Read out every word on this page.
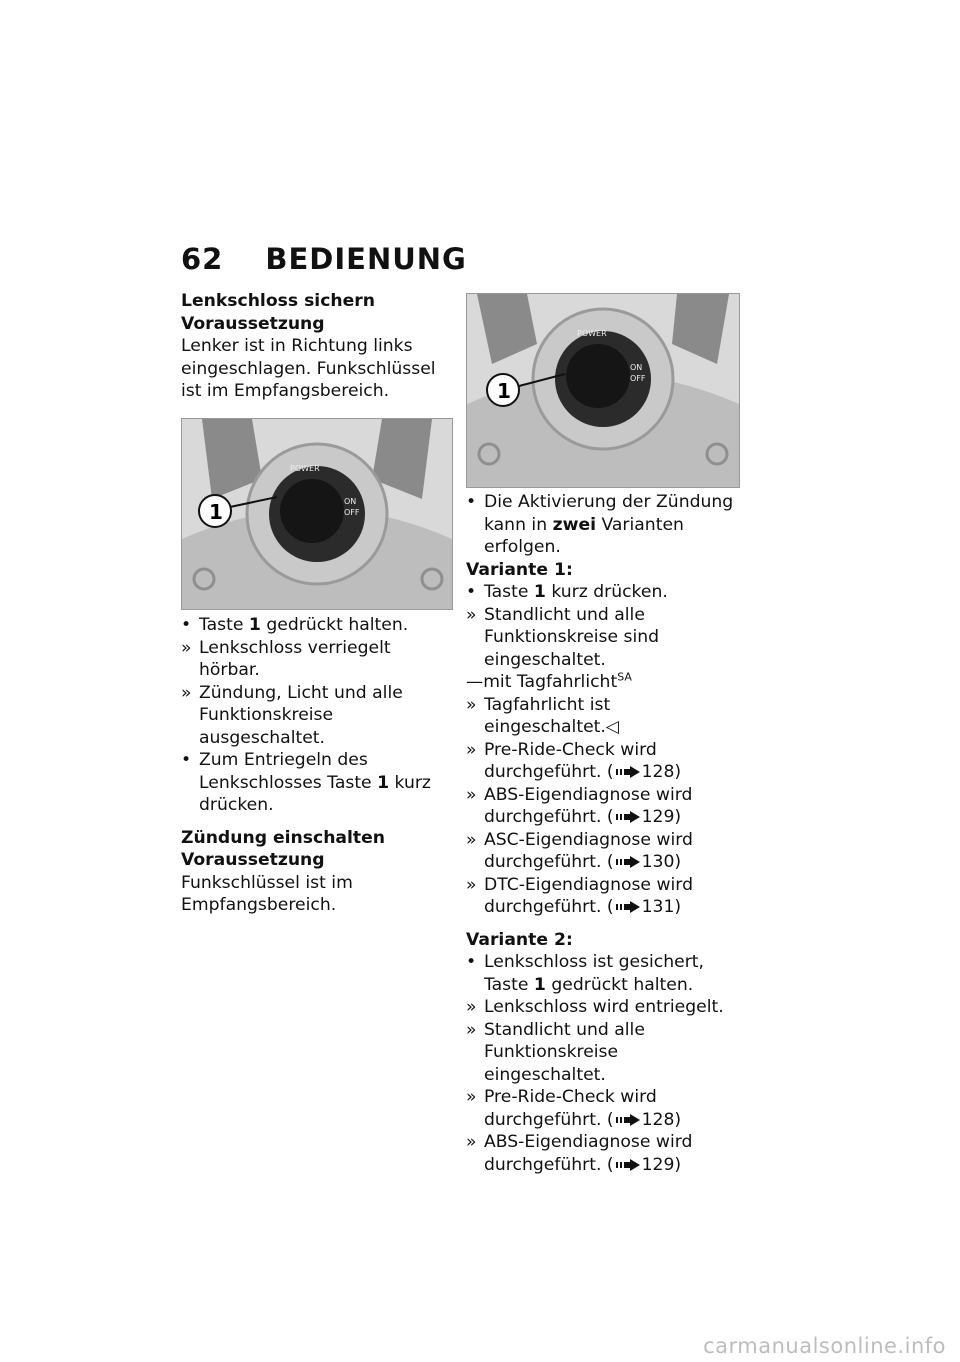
62 BEDIENUNG
Lenkschloss sichern
Voraussetzung

Lenker ist in Richtung links eingeschlagen. Funkschlüssel ist im Empfangsbereich.

POWER
ON
OFF
1
• Taste 1 gedrückt halten.
» Lenkschloss verriegelt hörbar.
» Zündung, Licht und alle Funktionskreise ausgeschaltet.
• Zum Entriegeln des Lenkschlosses Taste 1 kurz drücken.
Zündung einschalten
Voraussetzung

Funkschlüssel ist im Empfangsbereich.

POWER
ON
OFF
1
• Die Aktivierung der Zündung kann in zwei Varianten erfolgen.
Variante 1:
• Taste 1 kurz drücken.
» Standlicht und alle Funktionskreise sind eingeschaltet.
—mit Tagfahrlicht$^{SA}$
» Tagfahrlicht ist eingeschaltet.◁
» Pre-Ride-Check wird durchgeführt. ( 128)
» ABS-Eigendiagnose wird durchgeführt. ( 129)
» ASC-Eigendiagnose wird durchgeführt. ( 130)
» DTC-Eigendiagnose wird durchgeführt. ( 131)
Variante 2:
• Lenkschloss ist gesichert, Taste 1 gedrückt halten.
» Lenkschloss wird entriegelt.
» Standlicht und alle Funktionskreise eingeschaltet.
» Pre-Ride-Check wird durchgeführt. ( 128)
» ABS-Eigendiagnose wird durchgeführt. ( 129)
carmanualsonline.info
